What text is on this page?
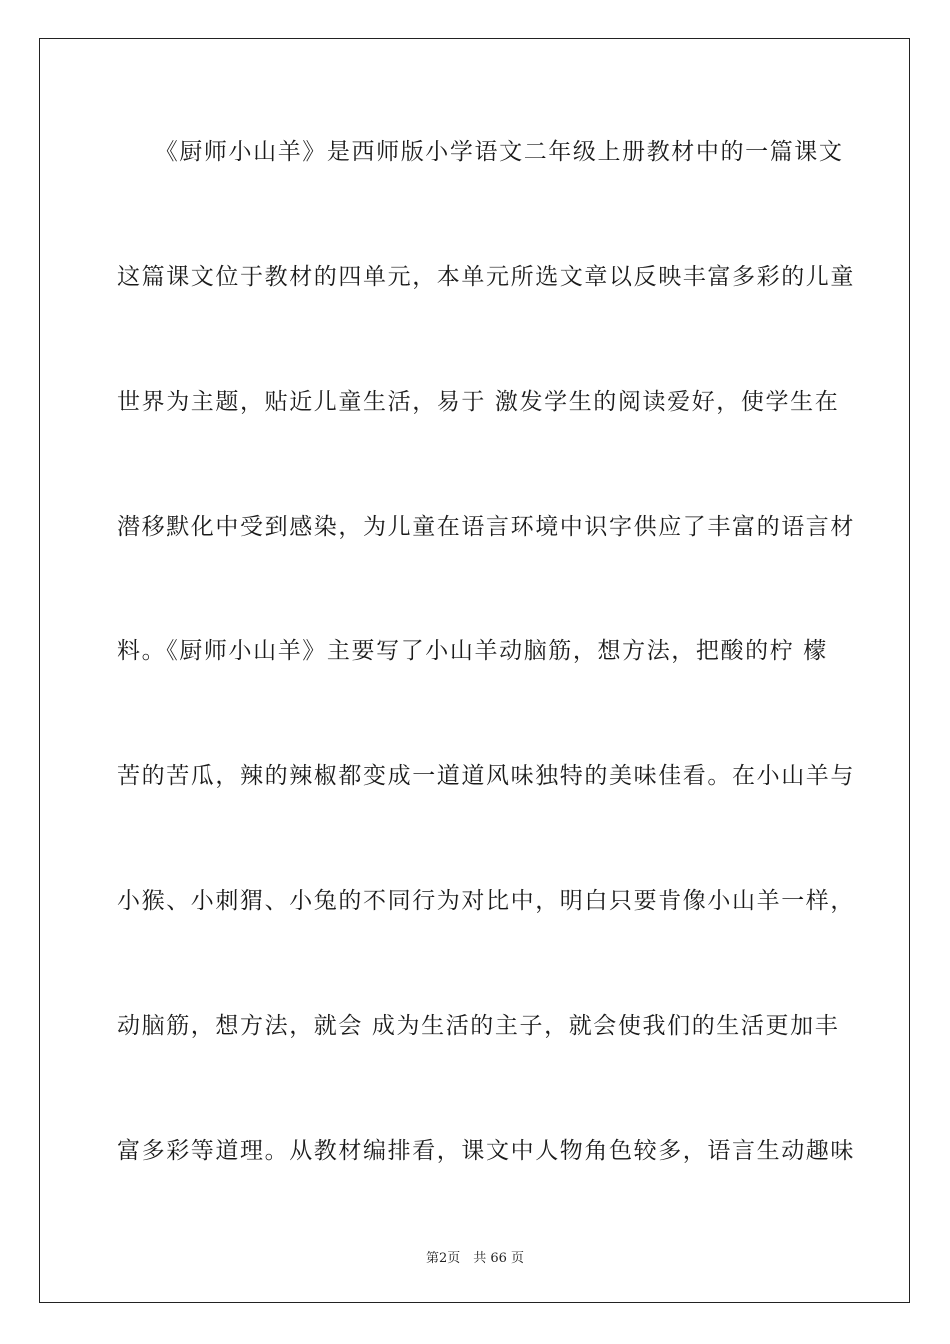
　　《厨师小山羊》是西师版小学语文二年级上册教材中的一篇课文
这篇课文位于教材的四单元，本单元所选文章以反映丰富多彩的儿童
世界为主题，贴近儿童生活，易于 激发学生的阅读爱好，使学生在
潜移默化中受到感染，为儿童在语言环境中识字供应了丰富的语言材
料。《厨师小山羊》主要写了小山羊动脑筋，想方法，把酸的柠 檬
苦的苦瓜，辣的辣椒都变成一道道风味独特的美味佳看。在小山羊与
小猴、小刺猬、小兔的不同行为对比中，明白只要肯像小山羊一样，
动脑筋，想方法，就会 成为生活的主子，就会使我们的生活更加丰
富多彩等道理。从教材编排看，课文中人物角色较多，语言生动趣味
第2页　共 66 页
